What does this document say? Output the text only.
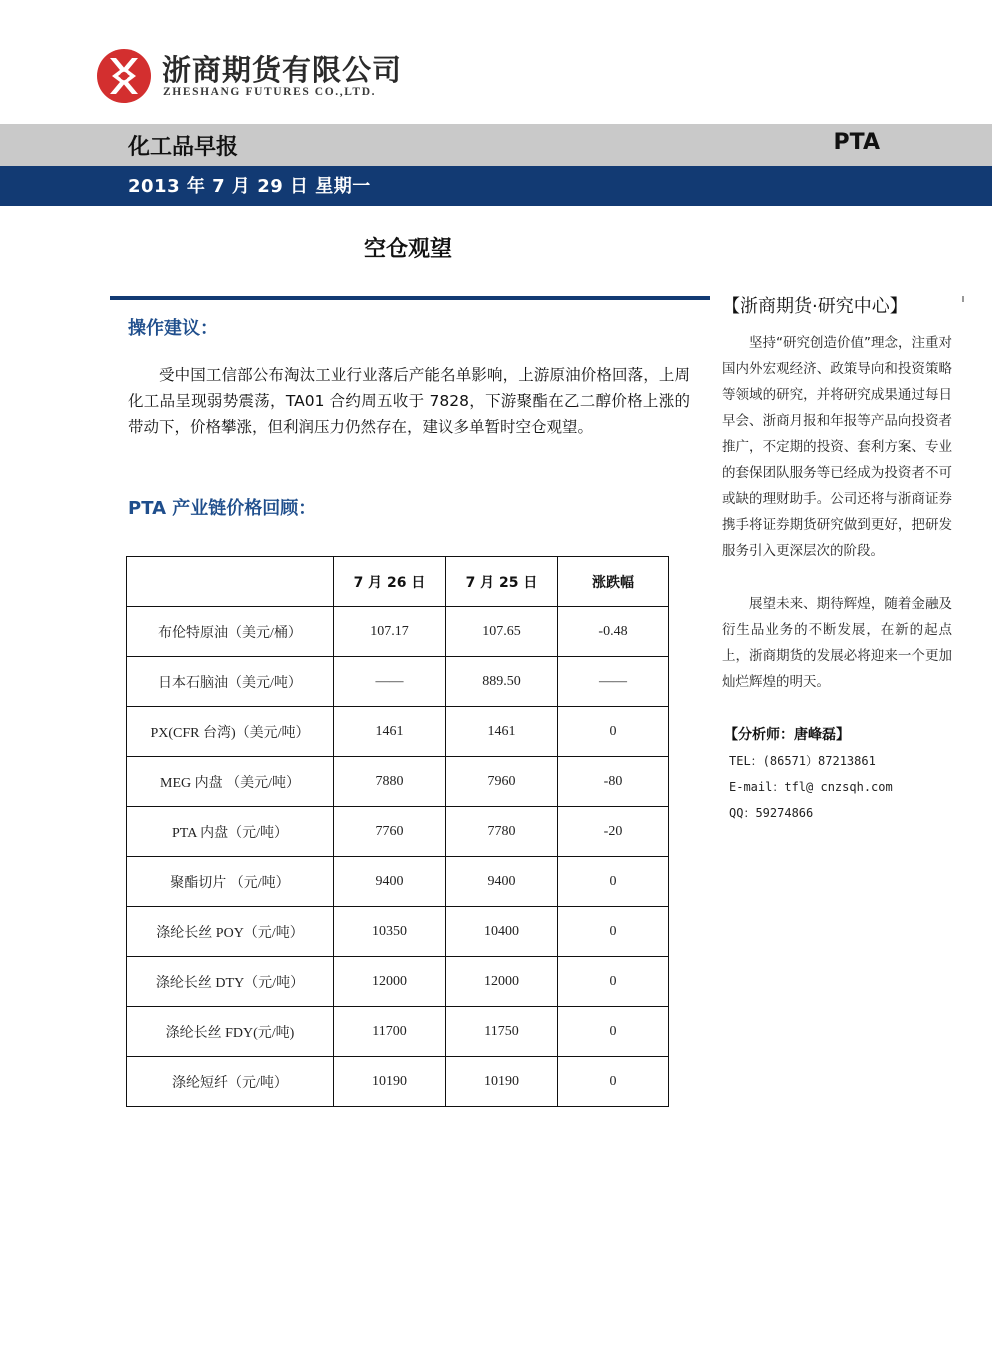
浙商期货有限公司
ZHESHANG FUTURES CO.,LTD.
化工品早报	PTA
2013 年 7 月 29 日 星期一
空仓观望
操作建议：
受中国工信部公布淘汰工业行业落后产能名单影响，上游原油价格回落，上周化工品呈现弱势震荡，TA01 合约周五收于 7828，下游聚酯在乙二醇价格上涨的带动下，价格攀涨，但利润压力仍然存在，建议多单暂时空仓观望。
PTA 产业链价格回顾：
	7 月 26 日	7 月 25 日	涨跌幅
布伦特原油（美元/桶）	107.17	107.65	-0.48
日本石脑油（美元/吨）	——	889.50	——
PX(CFR 台湾)（美元/吨）	1461	1461	0
MEG 内盘 （美元/吨）	7880	7960	-80
PTA 内盘（元/吨）	7760	7780	-20
聚酯切片 （元/吨）	9400	9400	0
涤纶长丝 POY（元/吨）	10350	10400	0
涤纶长丝 DTY（元/吨）	12000	12000	0
涤纶长丝 FDY(元/吨)	11700	11750	0
涤纶短纤（元/吨）	10190	10190	0
【浙商期货·研究中心】
坚持“研究创造价值”理念，注重对国内外宏观经济、政策导向和投资策略等领域的研究，并将研究成果通过每日早会、浙商月报和年报等产品向投资者推广，不定期的投资、套利方案、专业的套保团队服务等已经成为投资者不可或缺的理财助手。公司还将与浙商证券携手将证券期货研究做到更好，把研发服务引入更深层次的阶段。
展望未来、期待辉煌，随着金融及衍生品业务的不断发展，在新的起点上，浙商期货的发展必将迎来一个更加灿烂辉煌的明天。
【分析师：唐峰磊】
TEL：(86571）87213861
E-mail：tfl@ cnzsqh.com
QQ：59274866
